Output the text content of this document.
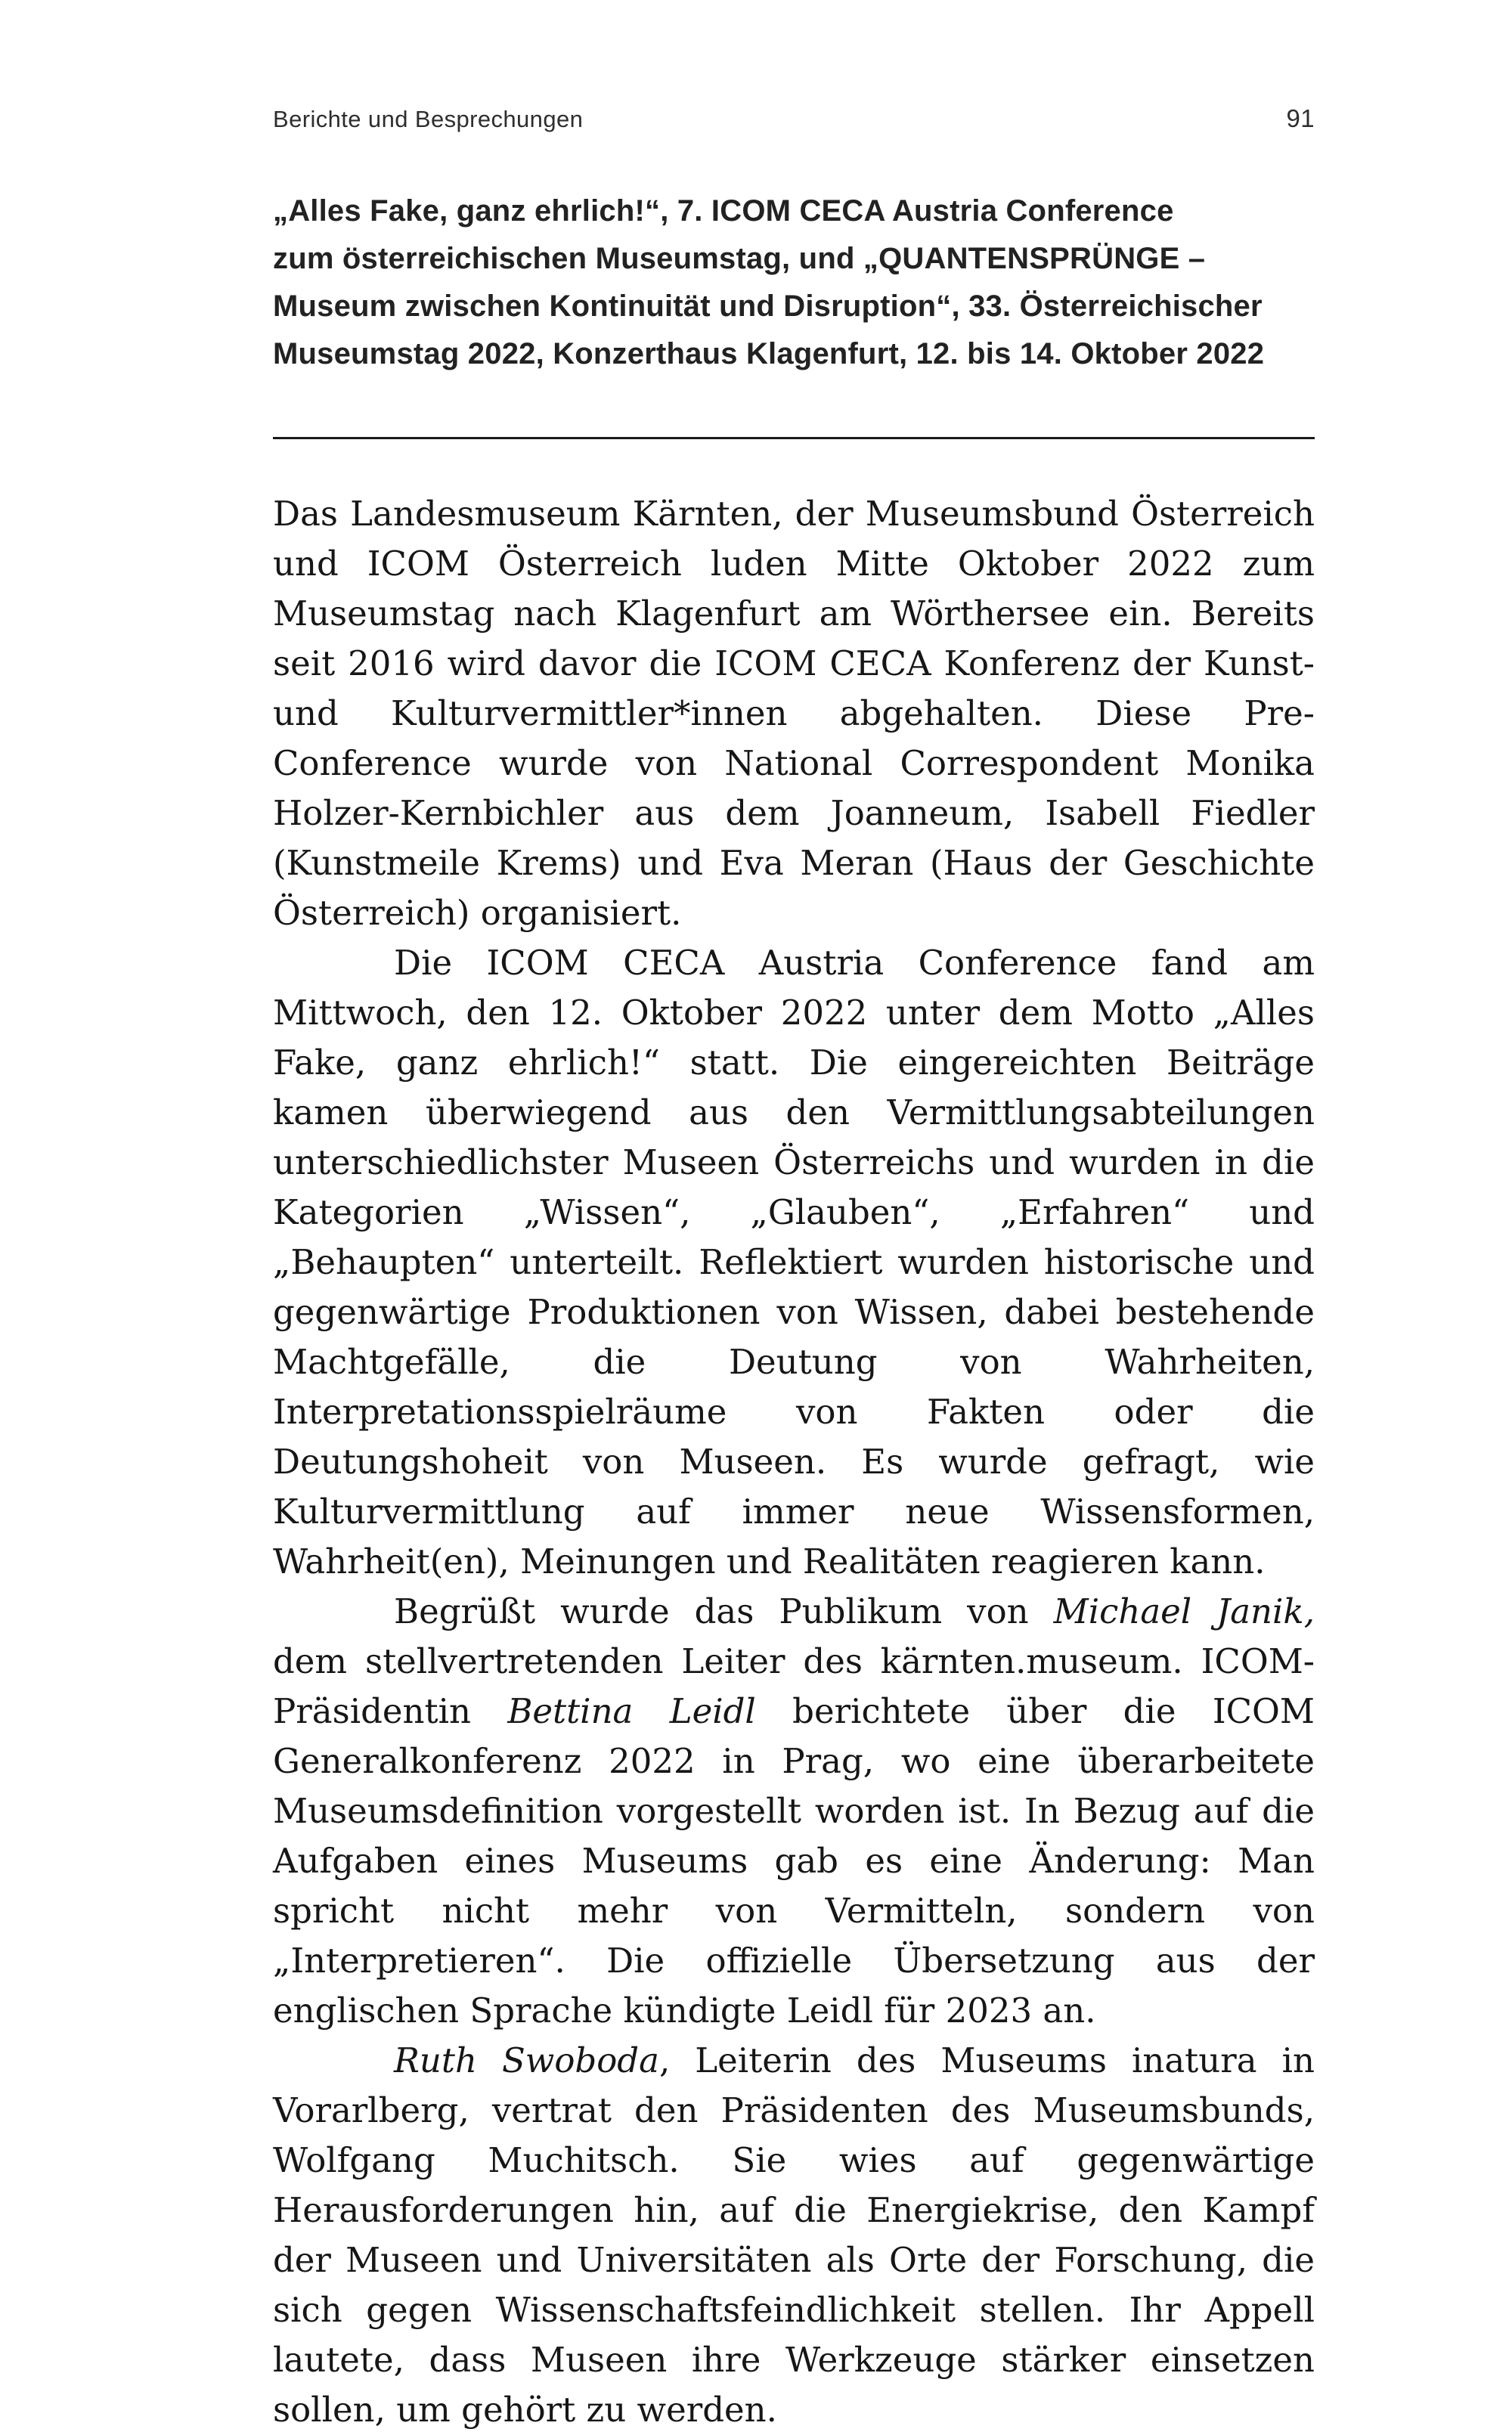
Berichte und Besprechungen	91
„Alles Fake, ganz ehrlich!“, 7. ICOM CECA Austria Conference
zum österreichischen Museumstag, und „QUANTENSPRÜNGE –
Museum zwischen Kontinuität und Disruption“, 33. Österreichischer
Museumstag 2022, Konzerthaus Klagenfurt, 12. bis 14. Oktober 2022

Das Landesmuseum Kärnten, der Museumsbund Österreich und ICOM Österreich luden Mitte Oktober 2022 zum Museumstag nach Klagenfurt am Wörthersee ein. Bereits seit 2016 wird davor die ICOM CECA Konferenz der Kunst- und Kulturvermittler*innen abgehalten. Diese Pre-Conference wurde von National Correspondent Monika Holzer-Kernbichler aus dem Joanneum, Isabell Fiedler (Kunstmeile Krems) und Eva Meran (Haus der Geschichte Österreich) organisiert.

Die ICOM CECA Austria Conference fand am Mittwoch, den 12. Oktober 2022 unter dem Motto „Alles Fake, ganz ehrlich!“ statt. Die eingereichten Beiträge kamen überwiegend aus den Vermittlungsabteilungen unterschiedlichster Museen Österreichs und wurden in die Kategorien „Wissen“, „Glauben“, „Erfahren“ und „Behaupten“ unterteilt. Reflektiert wurden historische und gegenwärtige Produktionen von Wissen, dabei bestehende Machtgefälle, die Deutung von Wahrheiten, Interpretationsspielräume von Fakten oder die Deutungshoheit von Museen. Es wurde gefragt, wie Kulturvermittlung auf immer neue Wissensformen, Wahrheit(en), Meinungen und Realitäten reagieren kann.

Begrüßt wurde das Publikum von Michael Janik, dem stellvertretenden Leiter des kärnten.museum. ICOM-Präsidentin Bettina Leidl berichtete über die ICOM Generalkonferenz 2022 in Prag, wo eine überarbeitete Museumsdefinition vorgestellt worden ist. In Bezug auf die Aufgaben eines Museums gab es eine Änderung: Man spricht nicht mehr von Vermitteln, sondern von „Interpretieren“. Die offizielle Übersetzung aus der englischen Sprache kündigte Leidl für 2023 an.

Ruth Swoboda, Leiterin des Museums inatura in Vorarlberg, vertrat den Präsidenten des Museumsbunds, Wolfgang Muchitsch. Sie wies auf gegenwärtige Herausforderungen hin, auf die Energiekrise, den Kampf der Museen und Universitäten als Orte der Forschung, die sich gegen Wissenschaftsfeindlichkeit stellen. Ihr Appell lautete, dass Museen ihre Werkzeuge stärker einsetzen sollen, um gehört zu werden.
